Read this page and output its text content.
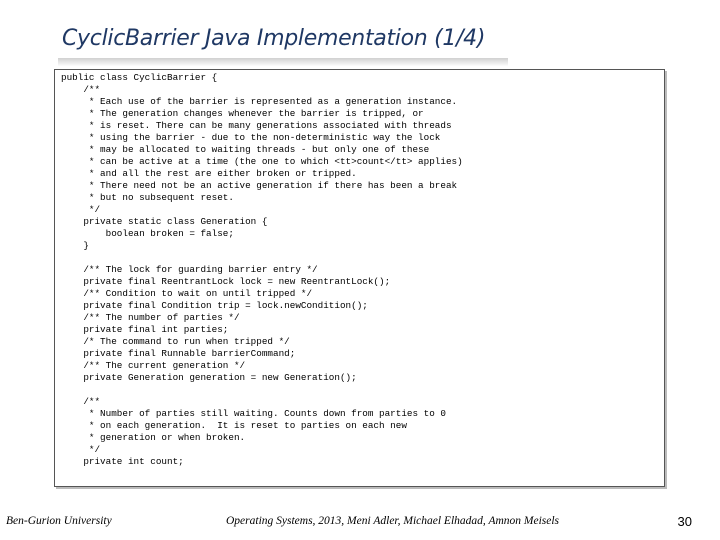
CyclicBarrier Java Implementation (1/4)
public class CyclicBarrier {
/**
* Each use of the barrier is represented as a generation instance.
* The generation changes whenever the barrier is tripped, or
* is reset. There can be many generations associated with threads
* using the barrier - due to the non-deterministic way the lock
* may be allocated to waiting threads - but only one of these
* can be active at a time (the one to which <tt>count</tt> applies)
* and all the rest are either broken or tripped.
* There need not be an active generation if there has been a break
* but no subsequent reset.
*/
private static class Generation {
boolean broken = false;
}

/** The lock for guarding barrier entry */
private final ReentrantLock lock = new ReentrantLock();
/** Condition to wait on until tripped */
private final Condition trip = lock.newCondition();
/** The number of parties */
private final int parties;
/* The command to run when tripped */
private final Runnable barrierCommand;
/** The current generation */
private Generation generation = new Generation();

/**
* Number of parties still waiting. Counts down from parties to 0
* on each generation.  It is reset to parties on each new
* generation or when broken.
*/
private int count;
Ben-Gurion University	Operating Systems, 2013, Meni Adler, Michael Elhadad, Amnon Meisels	30
